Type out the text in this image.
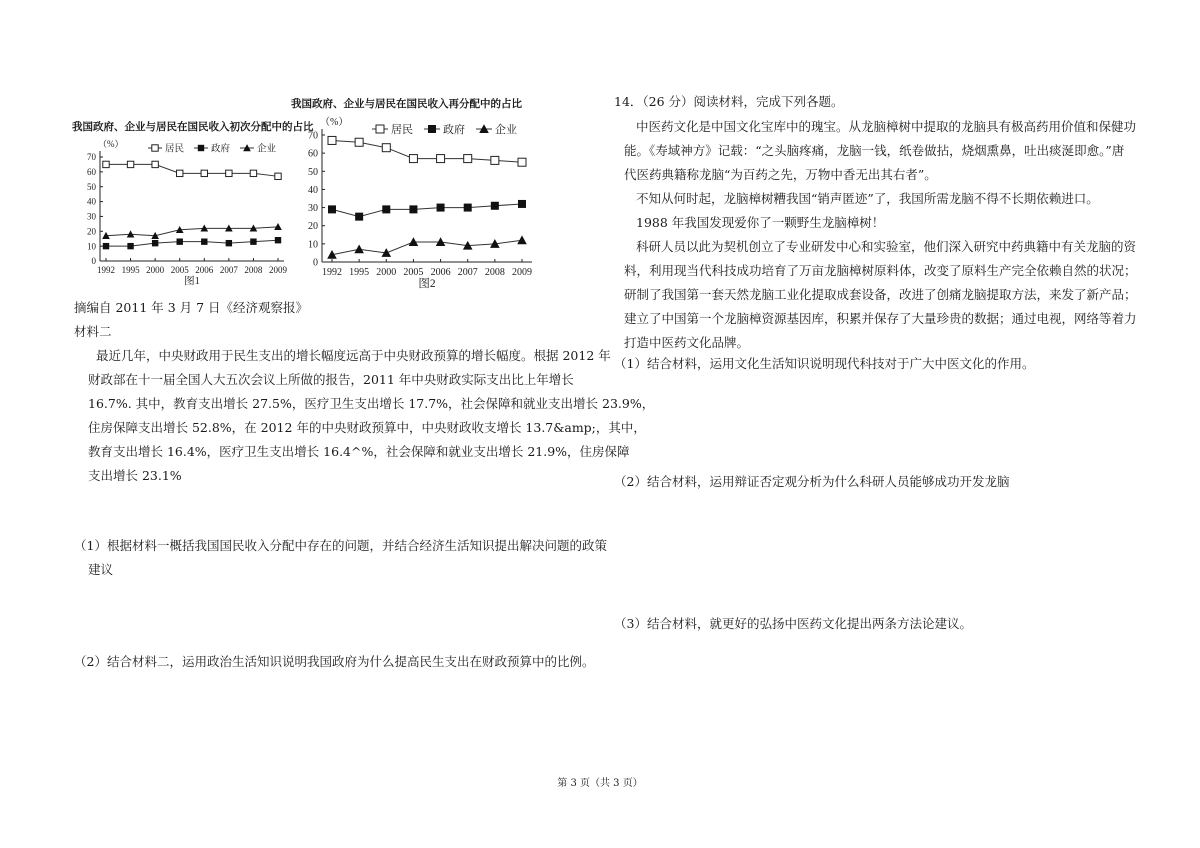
我国政府、企业与居民在国民收入再分配中的占比
我国政府、企业与居民在国民收入初次分配中的占比
（%）
0
10
20
30
40
50
60
70
1992 1995 2000 2005 2006 2007 2008 2009
居民	政府	企业
图1
（%）
0
10
20
30
40
50
60
70
1992 1995 2000 2005 2006 2007 2008 2009
居民	政府	企业
图2
摘编自 2011 年 3 月 7 日《经济观察报》
材料二
最近几年，中央财政用于民生支出的增长幅度远高于中央财政预算的增长幅度。根据 2012 年
财政部在十一届全国人大五次会议上所做的报告，2011 年中央财政实际支出比上年增长
16.7%. 其中，教育支出增长 27.5%，医疗卫生支出增长 17.7%，社会保障和就业支出增长 23.9%，
住房保障支出增长 52.8%，在 2012 年的中央财政预算中，中央财政收支增长 13.7&amp;，其中，
教育支出增长 16.4%，医疗卫生支出增长 16.4^%，社会保障和就业支出增长 21.9%，住房保障
支出增长 23.1%
（1）根据材料一概括我国国民收入分配中存在的问题，并结合经济生活知识提出解决问题的政策
建议
（2）结合材料二，运用政治生活知识说明我国政府为什么提高民生支出在财政预算中的比例。
14．（26 分）阅读材料，完成下列各题。
中医药文化是中国文化宝库中的瑰宝。从龙脑樟树中提取的龙脑具有极高药用价值和保健功
能。《寿域神方》记载：“之头脑疼痛，龙脑一钱，纸卷做拈，烧烟熏鼻，吐出痰涎即愈。”唐
代医药典籍称龙脑“为百药之先，万物中香无出其右者”。
不知从何时起，龙脑樟树糟我国“销声匿迹”了，我国所需龙脑不得不长期依赖进口。
1988 年我国发现爱你了一颗野生龙脑樟树！
科研人员以此为契机创立了专业研发中心和实验室，他们深入研究中药典籍中有关龙脑的资
料，利用现当代科技成功培育了万亩龙脑樟树原料体，改变了原料生产完全依赖自然的状况；
研制了我国第一套天然龙脑工业化提取成套设备，改进了创痛龙脑提取方法，来发了新产品；
建立了中国第一个龙脑樟资源基因库，积累并保存了大量珍贵的数据；通过电视，网络等着力
打造中医药文化品牌。
（1）结合材料，运用文化生活知识说明现代科技对于广大中医文化的作用。
（2）结合材料，运用辩证否定观分析为什么科研人员能够成功开发龙脑
（3）结合材料，就更好的弘扬中医药文化提出两条方法论建议。
第 3 页（共 3 页）
